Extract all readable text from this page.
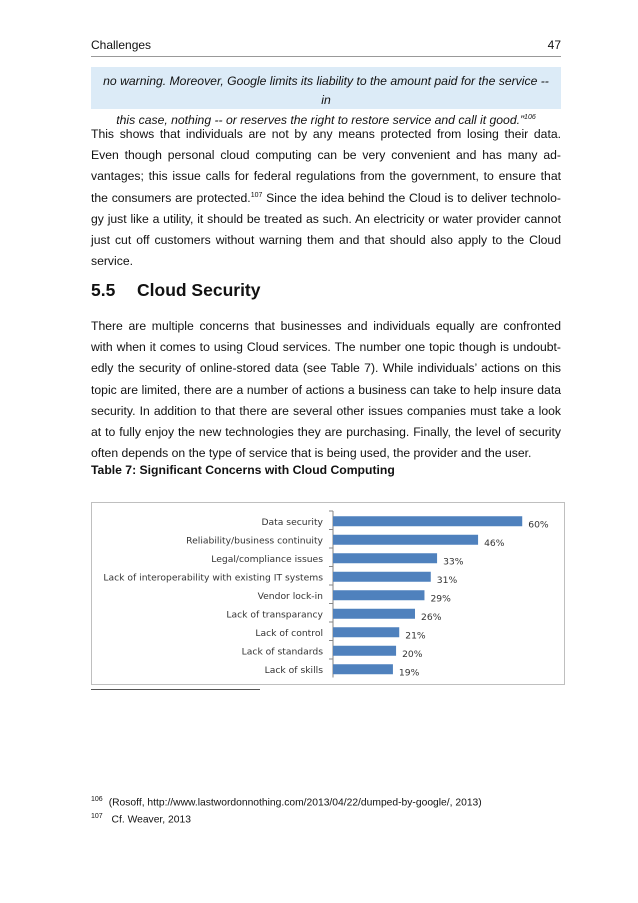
Challenges	47
no warning. Moreover, Google limits its liability to the amount paid for the service -- in
this case, nothing -- or reserves the right to restore service and call it good.”$^{106}$

This shows that individuals are not by any means protected from losing their data. Even though personal cloud computing can be very convenient and has many ad-vantages; this issue calls for federal regulations from the government, to ensure that the consumers are protected.$^{107}$ Since the idea behind the Cloud is to deliver technolo-gy just like a utility, it should be treated as such. An electricity or water provider cannot just cut off customers without warning them and that should also apply to the Cloud service.

5.5 Cloud Security

There are multiple concerns that businesses and individuals equally are confronted with when it comes to using Cloud services. The number one topic though is undoubt-edly the security of online-stored data (see Table 7). While individuals’ actions on this topic are limited, there are a number of actions a business can take to help insure data security. In addition to that there are several other issues companies must take a look at to fully enjoy the new technologies they are purchasing. Finally, the level of security often depends on the type of service that is being used, the provider and the user.

Table 7: Significant Concerns with Cloud Computing
Data security	60%
Reliability/business continuity	46%
Legal/compliance issues	33%
Lack of interoperability with existing IT systems	31%
Vendor lock-in	29%
Lack of transparancy	26%
Lack of control	21%
Lack of standards	20%
Lack of skills	19%
$^{106}$ (Rosoff, http://www.lastwordonnothing.com/2013/04/22/dumped-by-google/, 2013)
$^{107}$ Cf. Weaver, 2013
